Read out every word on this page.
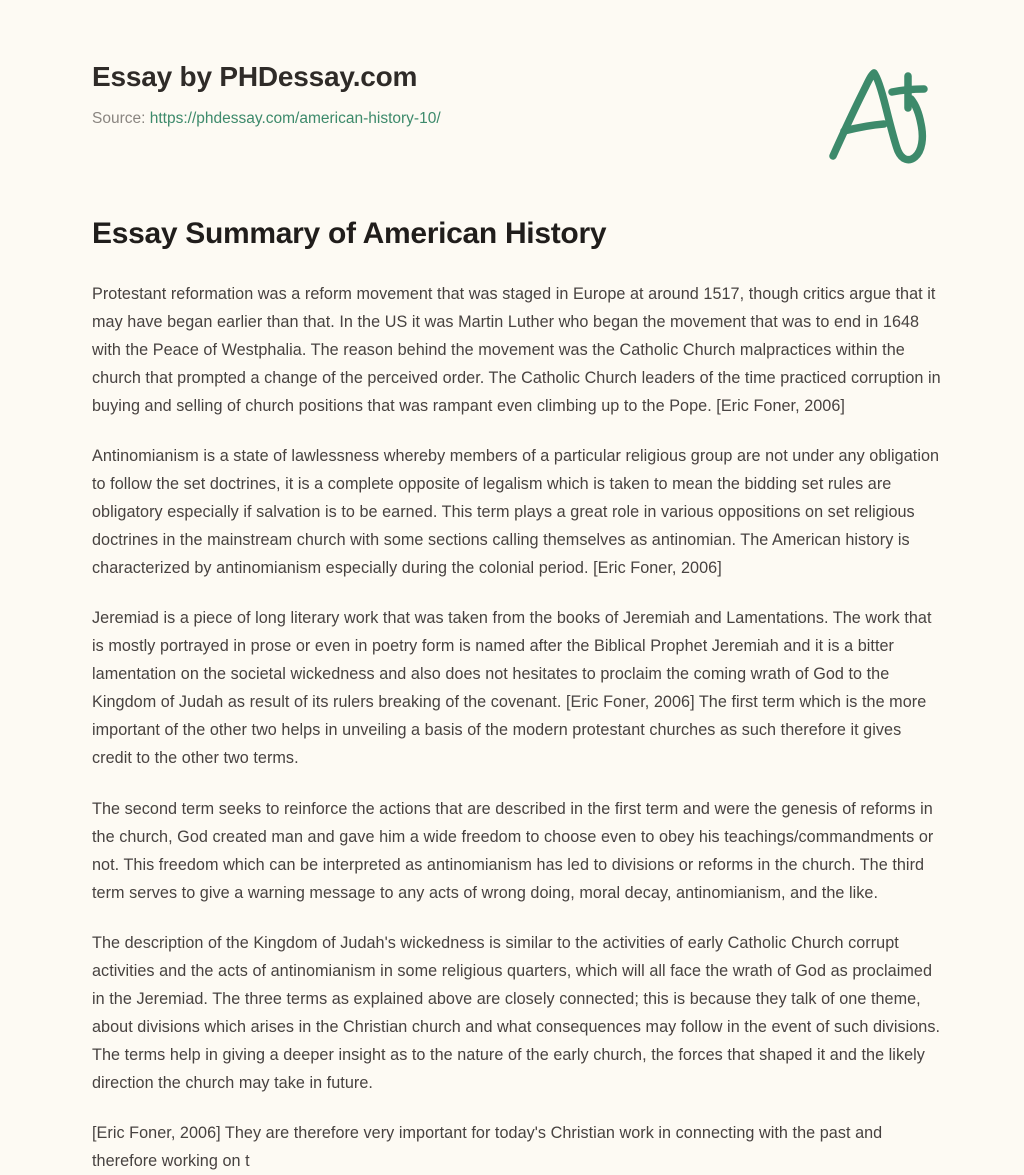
Essay by PHDessay.com
Source: https://phdessay.com/american-history-10/
Essay Summary of American History

Protestant reformation was a reform movement that was staged in Europe at around 1517, though critics argue that it may have began earlier than that. In the US it was Martin Luther who began the movement that was to end in 1648 with the Peace of Westphalia. The reason behind the movement was the Catholic Church malpractices within the church that prompted a change of the perceived order. The Catholic Church leaders of the time practiced corruption in buying and selling of church positions that was rampant even climbing up to the Pope. [Eric Foner, 2006]

Antinomianism is a state of lawlessness whereby members of a particular religious group are not under any obligation to follow the set doctrines, it is a complete opposite of legalism which is taken to mean the bidding set rules are obligatory especially if salvation is to be earned. This term plays a great role in various oppositions on set religious doctrines in the mainstream church with some sections calling themselves as antinomian. The American history is characterized by antinomianism especially during the colonial period. [Eric Foner, 2006]

Jeremiad is a piece of long literary work that was taken from the books of Jeremiah and Lamentations. The work that is mostly portrayed in prose or even in poetry form is named after the Biblical Prophet Jeremiah and it is a bitter lamentation on the societal wickedness and also does not hesitates to proclaim the coming wrath of God to the Kingdom of Judah as result of its rulers breaking of the covenant. [Eric Foner, 2006] The first term which is the more important of the other two helps in unveiling a basis of the modern protestant churches as such therefore it gives credit to the other two terms.

The second term seeks to reinforce the actions that are described in the first term and were the genesis of reforms in the church, God created man and gave him a wide freedom to choose even to obey his teachings/commandments or not. This freedom which can be interpreted as antinomianism has led to divisions or reforms in the church. The third term serves to give a warning message to any acts of wrong doing, moral decay, antinomianism, and the like.

The description of the Kingdom of Judah's wickedness is similar to the activities of early Catholic Church corrupt activities and the acts of antinomianism in some religious quarters, which will all face the wrath of God as proclaimed in the Jeremiad. The three terms as explained above are closely connected; this is because they talk of one theme, about divisions which arises in the Christian church and what consequences may follow in the event of such divisions. The terms help in giving a deeper insight as to the nature of the early church, the forces that shaped it and the likely direction the church may take in future.

[Eric Foner, 2006] They are therefore very important for today's Christian work in connecting with the past and therefore working on t
